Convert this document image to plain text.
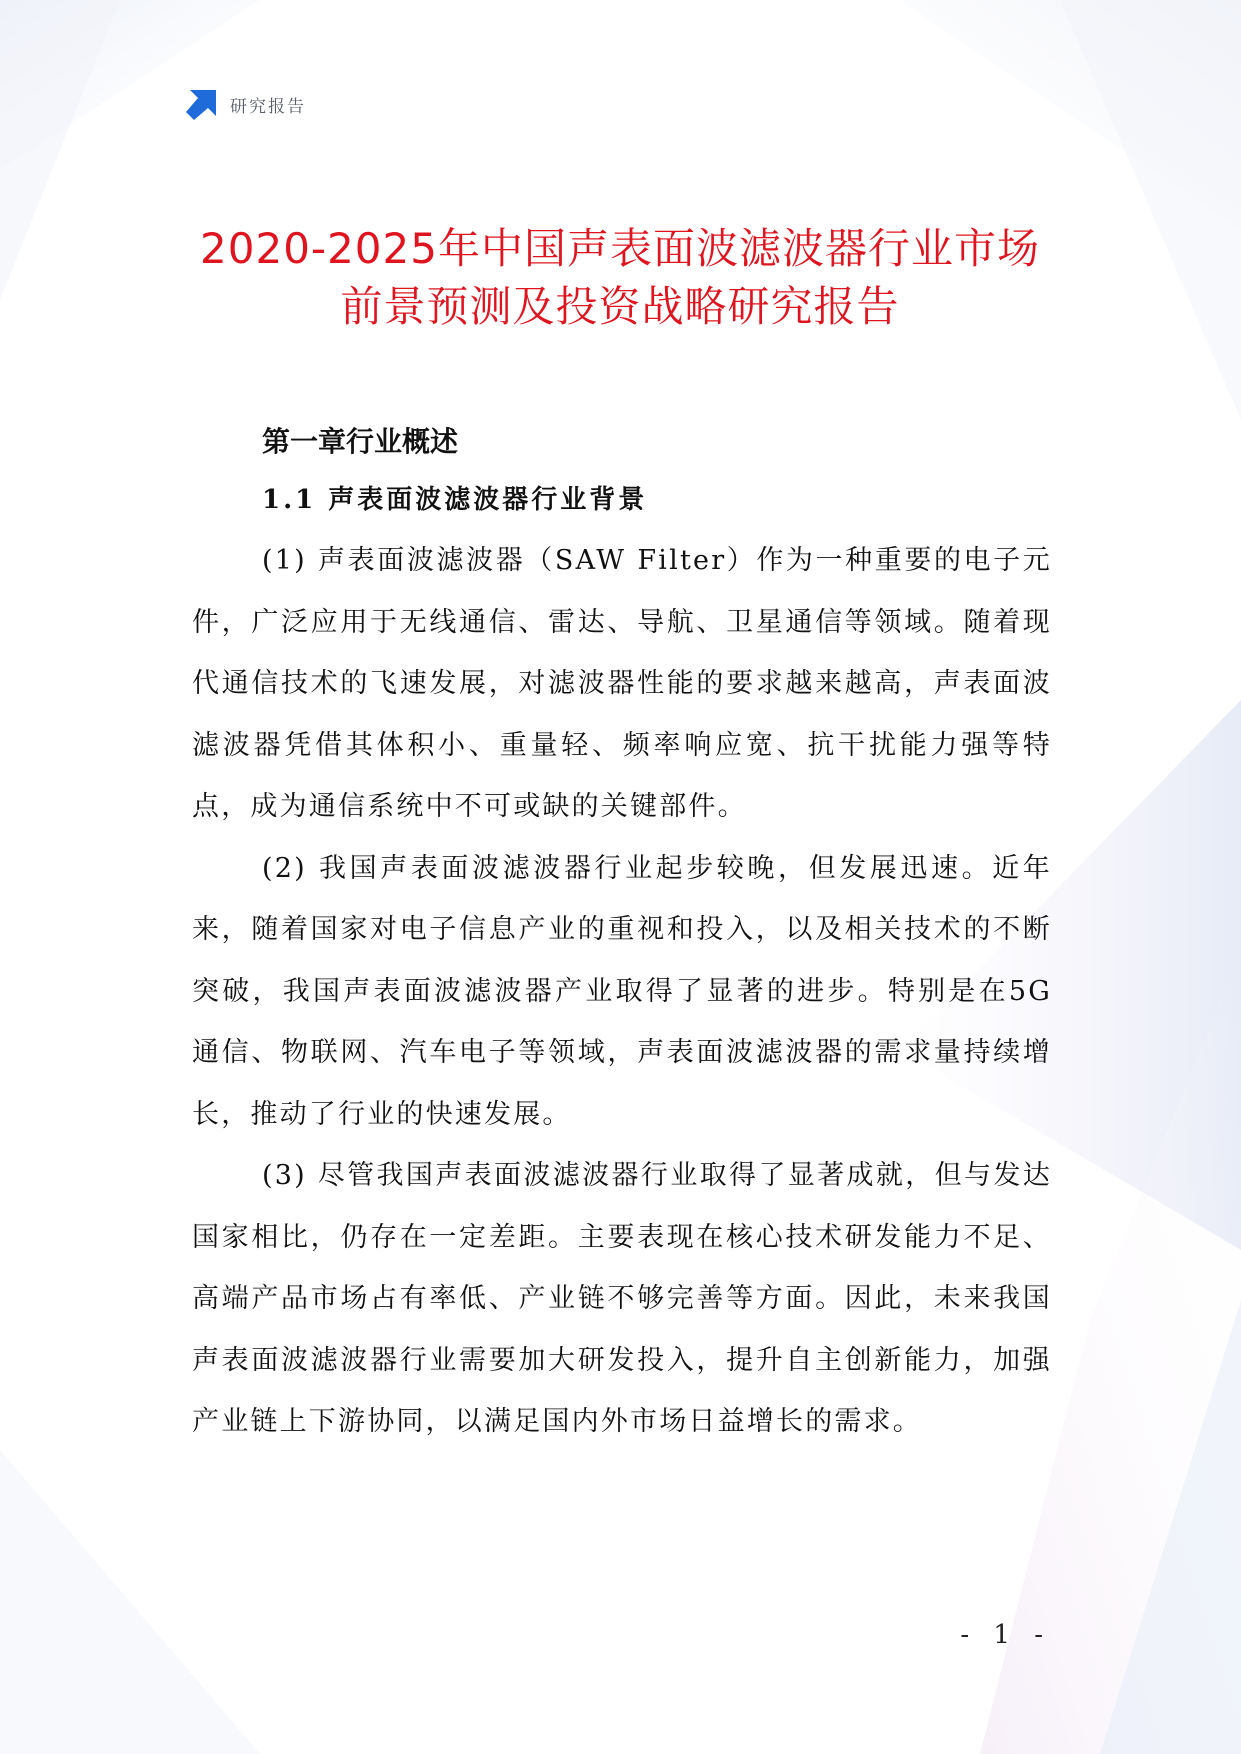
研究报告
2020-2025年中国声表面波滤波器行业市场
前景预测及投资战略研究报告
第一章行业概述
1.1 声表面波滤波器行业背景

(1) 声表面波滤波器（SAW Filter）作为一种重要的电子元件，广泛应用于无线通信、雷达、导航、卫星通信等领域。随着现代通信技术的飞速发展，对滤波器性能的要求越来越高，声表面波滤波器凭借其体积小、重量轻、频率响应宽、抗干扰能力强等特点，成为通信系统中不可或缺的关键部件。

(2) 我国声表面波滤波器行业起步较晚，但发展迅速。近年来，随着国家对电子信息产业的重视和投入，以及相关技术的不断突破，我国声表面波滤波器产业取得了显著的进步。特别是在5G通信、物联网、汽车电子等领域，声表面波滤波器的需求量持续增长，推动了行业的快速发展。

(3) 尽管我国声表面波滤波器行业取得了显著成就，但与发达国家相比，仍存在一定差距。主要表现在核心技术研发能力不足、高端产品市场占有率低、产业链不够完善等方面。因此，未来我国声表面波滤波器行业需要加大研发投入，提升自主创新能力，加强产业链上下游协同，以满足国内外市场日益增长的需求。

- 1 -
